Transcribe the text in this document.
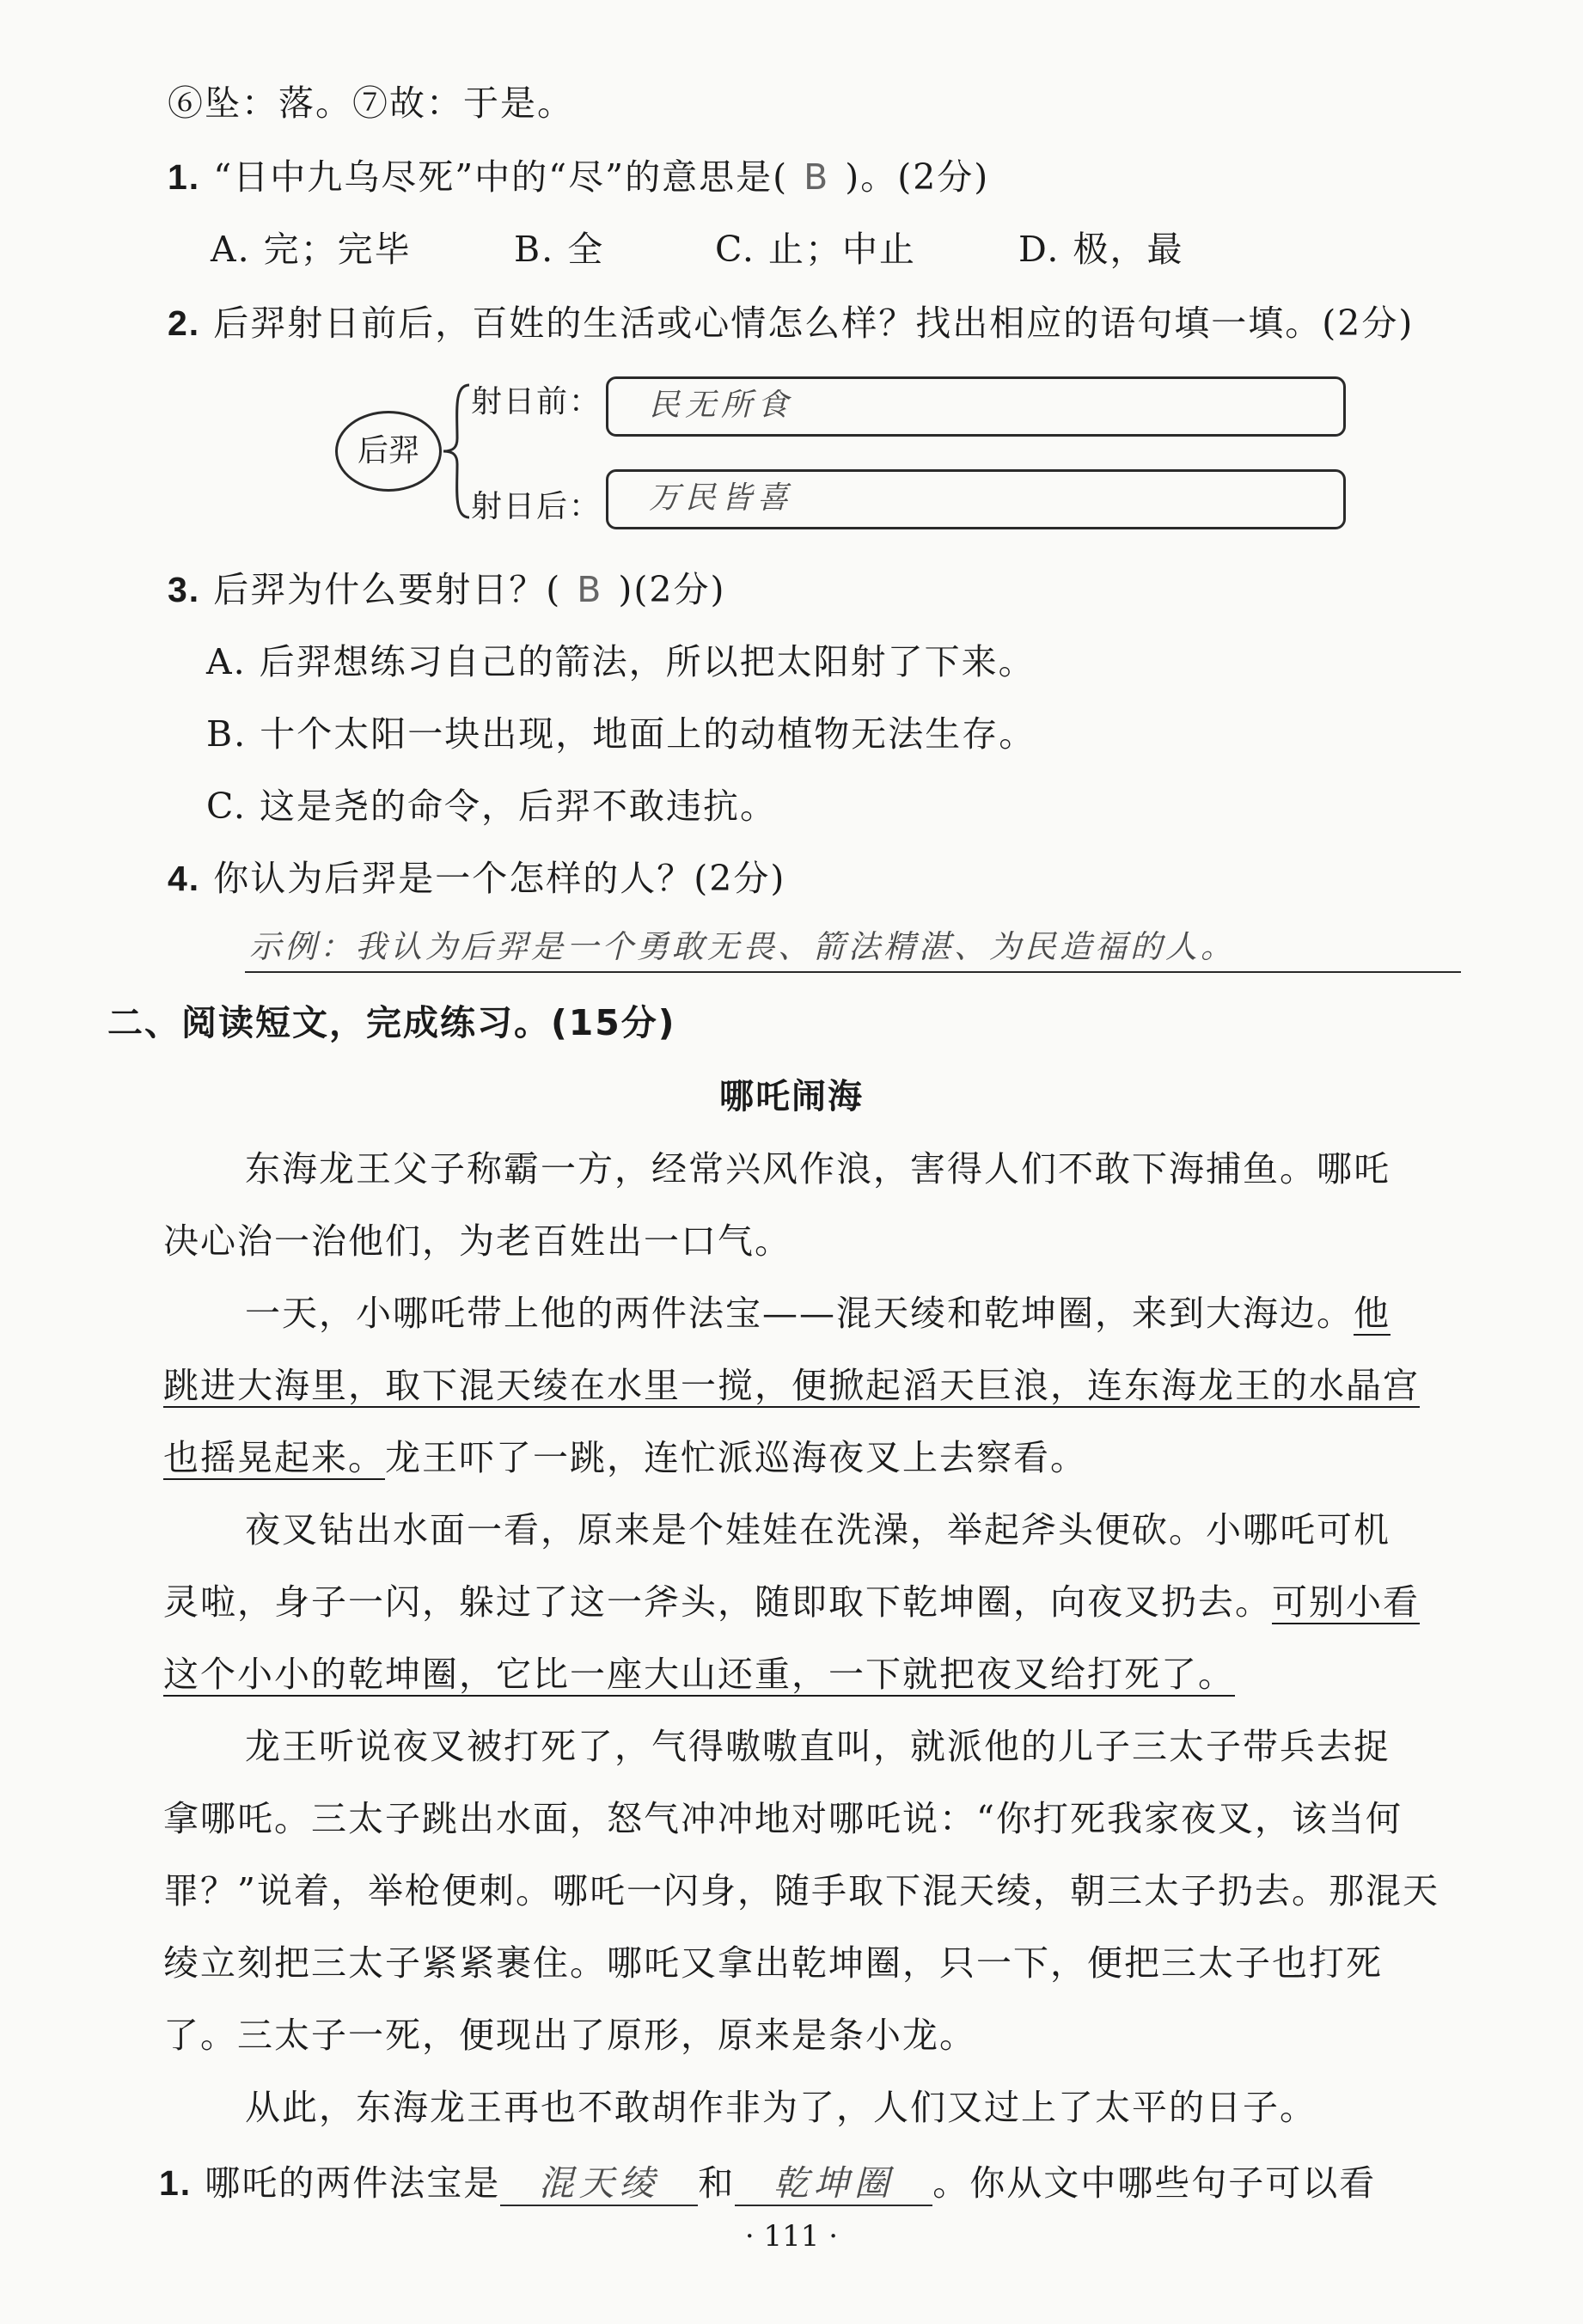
⑥坠：落。⑦故：于是。
1. “日中九乌尽死”中的“尽”的意思是( B )。(2分)
A. 完；完毕	B. 全	C. 止；中止	D. 极，最
2. 后羿射日前后，百姓的生活或心情怎么样？找出相应的语句填一填。(2分)
后羿
射日前： 民无所食
射日后： 万民皆喜
3. 后羿为什么要射日？( B )(2分)
A. 后羿想练习自己的箭法，所以把太阳射了下来。
B. 十个太阳一块出现，地面上的动植物无法生存。
C. 这是尧的命令，后羿不敢违抗。
4. 你认为后羿是一个怎样的人？(2分)
示例：我认为后羿是一个勇敢无畏、箭法精湛、为民造福的人。
二、阅读短文，完成练习。(15分)
哪吒闹海
东海龙王父子称霸一方，经常兴风作浪，害得人们不敢下海捕鱼。哪吒
决心治一治他们，为老百姓出一口气。
一天，小哪吒带上他的两件法宝——混天绫和乾坤圈，来到大海边。他
跳进大海里，取下混天绫在水里一搅，便掀起滔天巨浪，连东海龙王的水晶宫
也摇晃起来。龙王吓了一跳，连忙派巡海夜叉上去察看。
夜叉钻出水面一看，原来是个娃娃在洗澡，举起斧头便砍。小哪吒可机
灵啦，身子一闪，躲过了这一斧头，随即取下乾坤圈，向夜叉扔去。可别小看
这个小小的乾坤圈，它比一座大山还重，一下就把夜叉给打死了。
龙王听说夜叉被打死了，气得嗷嗷直叫，就派他的儿子三太子带兵去捉
拿哪吒。三太子跳出水面，怒气冲冲地对哪吒说：“你打死我家夜叉，该当何
罪？”说着，举枪便刺。哪吒一闪身，随手取下混天绫，朝三太子扔去。那混天
绫立刻把三太子紧紧裹住。哪吒又拿出乾坤圈，只一下，便把三太子也打死
了。三太子一死，便现出了原形，原来是条小龙。
从此，东海龙王再也不敢胡作非为了，人们又过上了太平的日子。
1. 哪吒的两件法宝是 混天绫 和 乾坤圈 。你从文中哪些句子可以看
· 111 ·
